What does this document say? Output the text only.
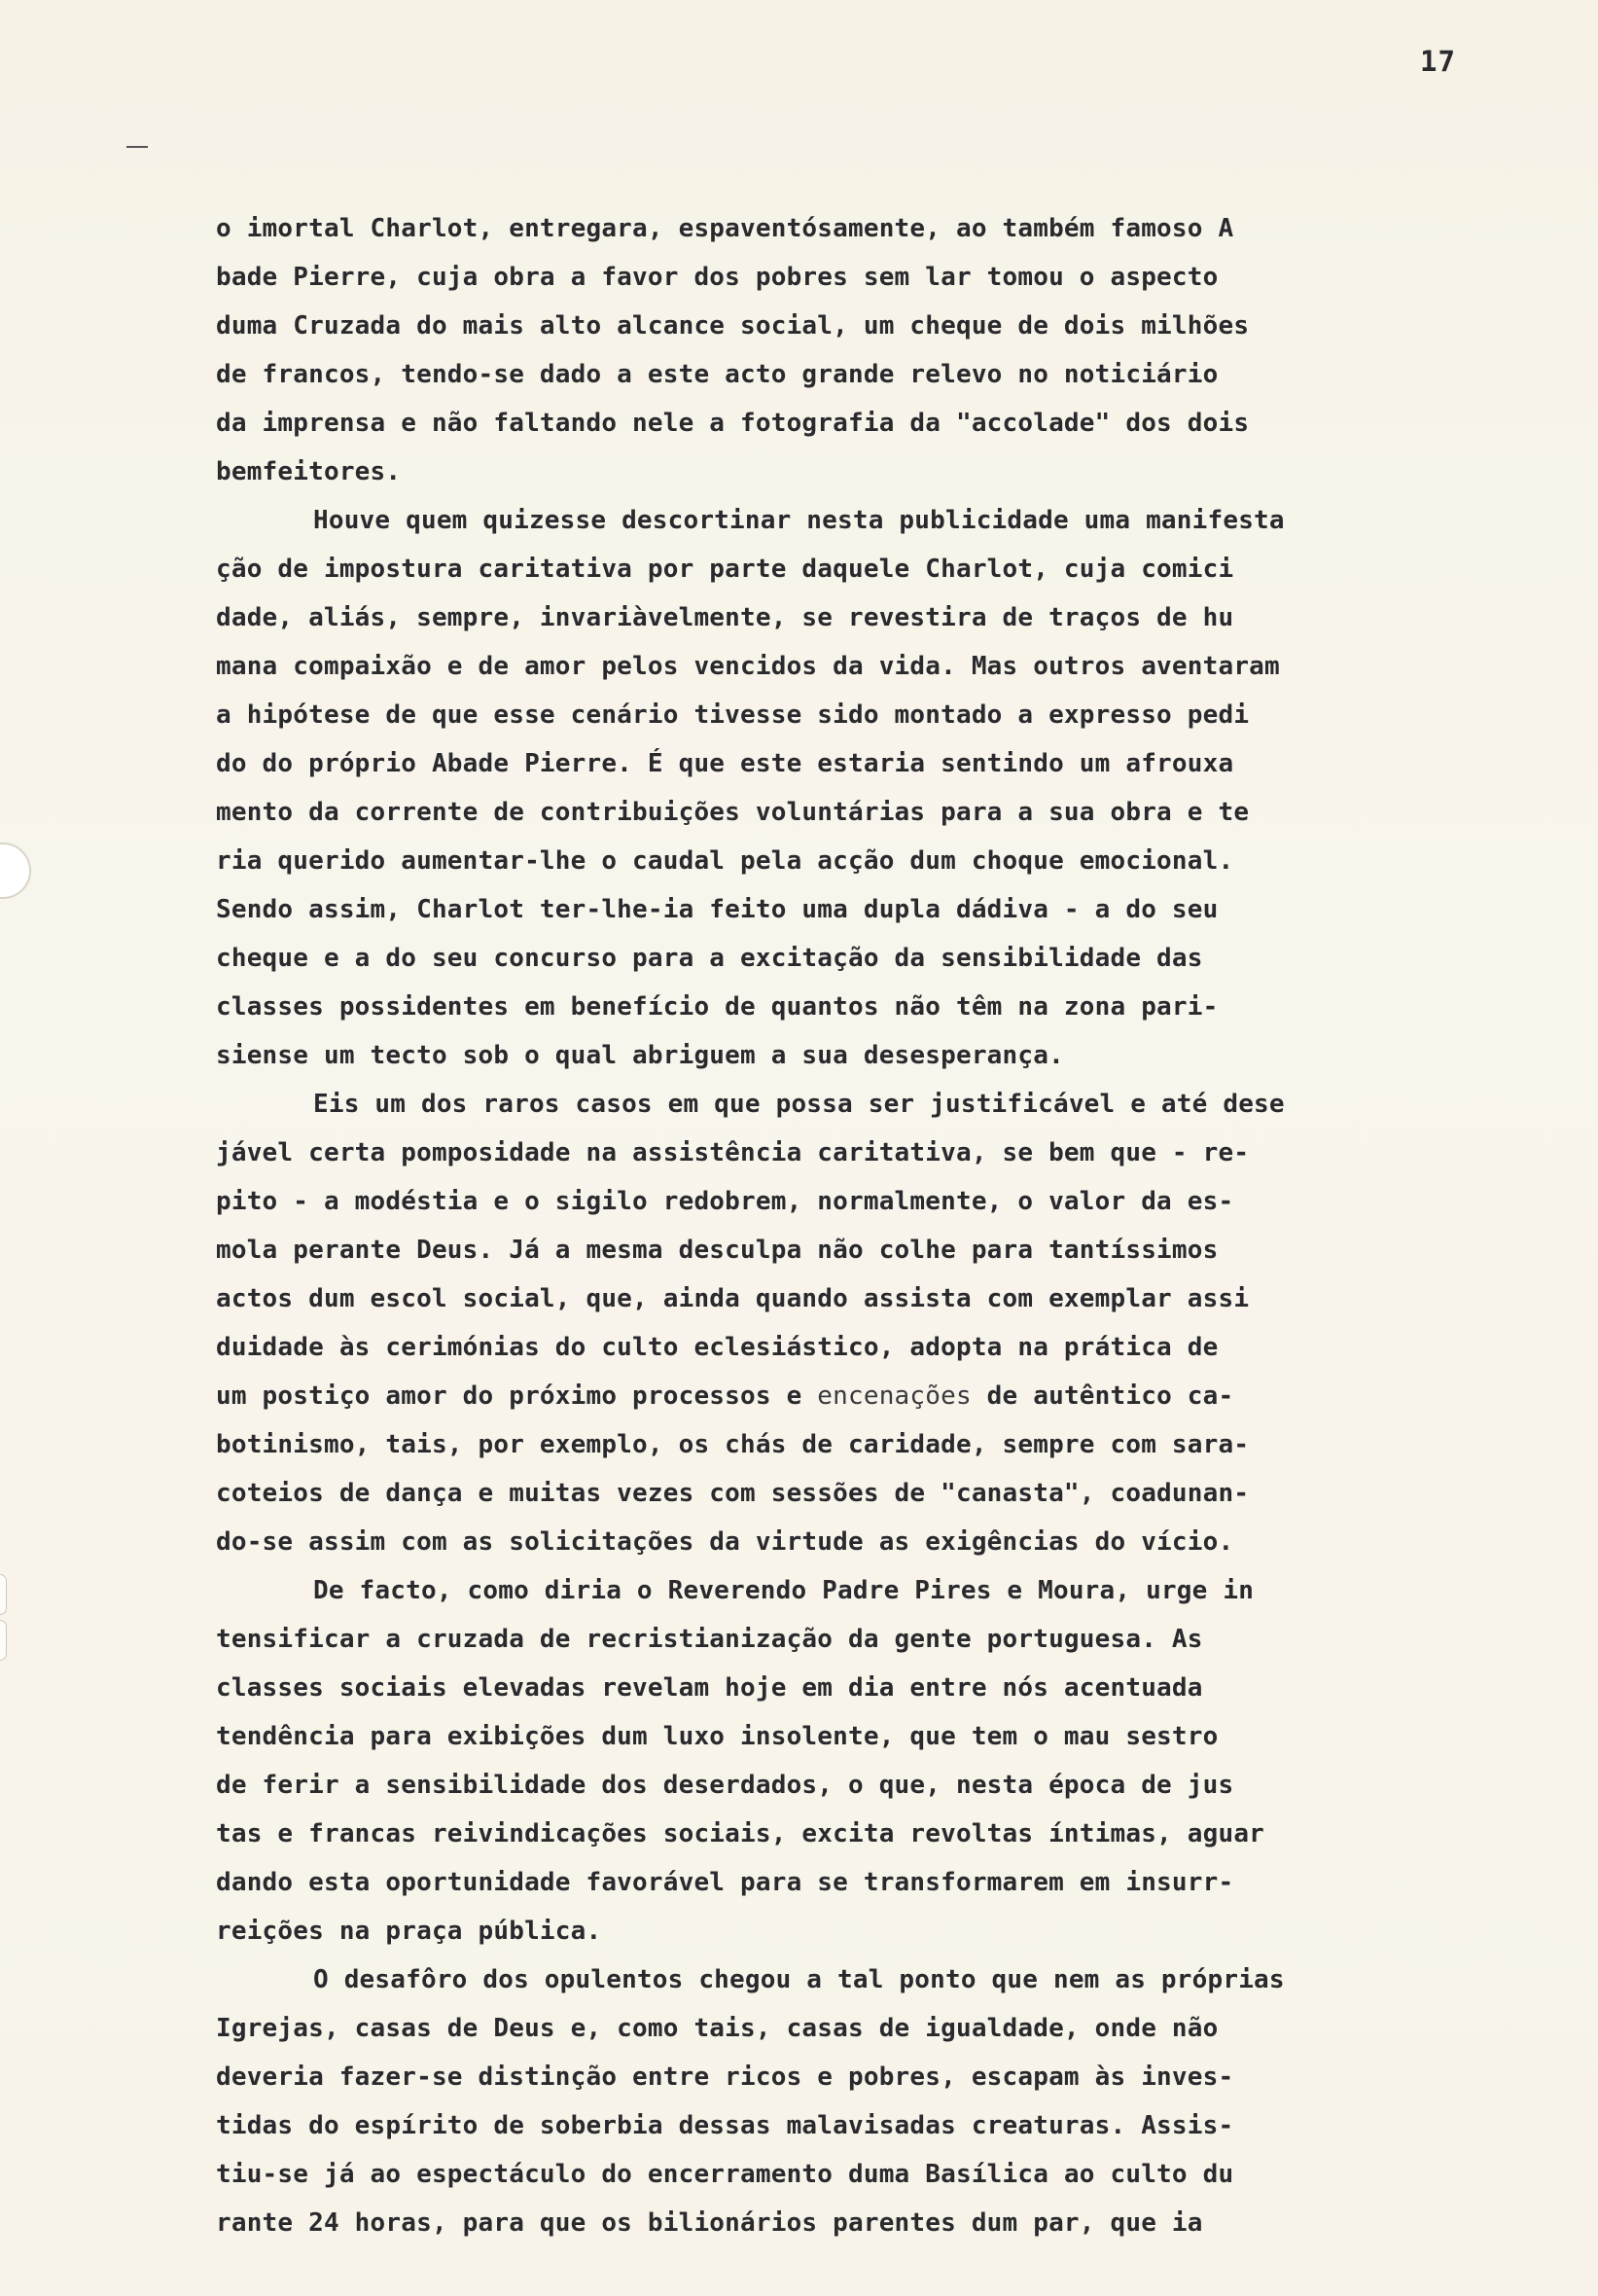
17
o imortal Charlot, entregara, espaventósamente, ao também famoso A
bade Pierre, cuja obra a favor dos pobres sem lar tomou o aspecto
duma Cruzada do mais alto alcance social, um cheque de dois milhões
de francos, tendo-se dado a este acto grande relevo no noticiário
da imprensa e não faltando nele a fotografia da "accolade" dos dois
bemfeitores.
Houve quem quizesse descortinar nesta publicidade uma manifesta
ção de impostura caritativa por parte daquele Charlot, cuja comici
dade, aliás, sempre, invariàvelmente, se revestira de traços de hu
mana compaixão e de amor pelos vencidos da vida. Mas outros aventaram
a hipótese de que esse cenário tivesse sido montado a expresso pedi
do do próprio Abade Pierre. É que este estaria sentindo um afrouxa
mento da corrente de contribuições voluntárias para a sua obra e te
ria querido aumentar-lhe o caudal pela acção dum choque emocional.
Sendo assim, Charlot ter-lhe-ia feito uma dupla dádiva - a do seu
cheque e a do seu concurso para a excitação da sensibilidade das
classes possidentes em benefício de quantos não têm na zona pari-
siense um tecto sob o qual abriguem a sua desesperança.
Eis um dos raros casos em que possa ser justificável e até dese
jável certa pomposidade na assistência caritativa, se bem que - re-
pito - a modéstia e o sigilo redobrem, normalmente, o valor da es-
mola perante Deus. Já a mesma desculpa não colhe para tantíssimos
actos dum escol social, que, ainda quando assista com exemplar assi
duidade às cerimónias do culto eclesiástico, adopta na prática de
um postiço amor do próximo processos e encenações de autêntico ca-
botinismo, tais, por exemplo, os chás de caridade, sempre com sara-
coteios de dança e muitas vezes com sessões de "canasta", coadunan-
do-se assim com as solicitações da virtude as exigências do vício.
De facto, como diria o Reverendo Padre Pires e Moura, urge in
tensificar a cruzada de recristianização da gente portuguesa. As
classes sociais elevadas revelam hoje em dia entre nós acentuada
tendência para exibições dum luxo insolente, que tem o mau sestro
de ferir a sensibilidade dos deserdados, o que, nesta época de jus
tas e francas reivindicações sociais, excita revoltas íntimas, aguar
dando esta oportunidade favorável para se transformarem em insurr-
reições na praça pública.
O desafôro dos opulentos chegou a tal ponto que nem as próprias
Igrejas, casas de Deus e, como tais, casas de igualdade, onde não
deveria fazer-se distinção entre ricos e pobres, escapam às inves-
tidas do espírito de soberbia dessas malavisadas creaturas. Assis-
tiu-se já ao espectáculo do encerramento duma Basílica ao culto du
rante 24 horas, para que os bilionários parentes dum par, que ia
